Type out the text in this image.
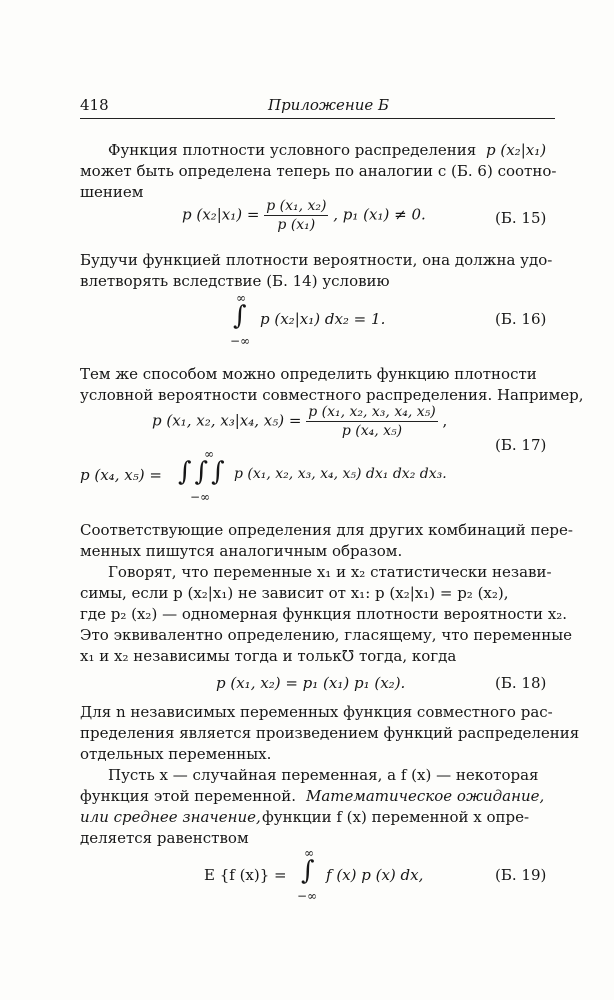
418	Приложение Б
Функция плотности условного распределения p (x₂|x₁)
может быть определена теперь по аналогии с (Б. 6) соотно-
шением
p $(x_2|x_1) = \frac{\text{p (x₁, x₂)}}{\text{p (x₁)}}$ , p₁ (x₁) ≠ 0.	(Б. 15)
Будучи функцией плотности вероятности, она должна удо-
влетворять вследствие (Б. 14) условию
∞
∫
−∞
p (x₂|x₁) dx₂ = 1.	(Б. 16)
Тем же способом можно определить функцию плотности
условной вероятности совместного распределения. Например,
p (x₁, x₂, x₃|x₄, $x_5) = \frac{\text{p (x₁, x₂, x₃, x₄, x₅)}}{\text{p (x₄, x₅)}}$ ,
(Б. 17)
p (x₄, x₅) =
∞
∫∫∫
−∞
p (x₁, x₂, x₃, x₄, x₅) dx₁ dx₂ dx₃.
Соответствующие определения для других комбинаций пере-
менных пишутся аналогичным образом.
Говорят, что переменные x₁ и x₂ статистически незави-
симы, если p (x₂|x₁) не зависит от x₁: p (x₂|x₁) = p₂ (x₂),
где p₂ (x₂) — одномерная функция плотности вероятности x₂.
Это эквивалентно определению, гласящему, что переменные
x₁ и x₂ независимы тогда и тольк℧ тогда, когда
p (x₁, x₂) = p₁ (x₁) p₁ (x₂).	(Б. 18)
Для n независимых переменных функция совместного рас-
пределения является произведением функций распределения
отдельных переменных.
Пусть x — случайная переменная, а f (x) — некоторая
функция этой переменной. Математическое ожидание,
или среднее значение, функции f (x) переменной x опре-
деляется равенством
E {f (x)} =
∞
∫
−∞
f (x) p (x) dx,	(Б. 19)
